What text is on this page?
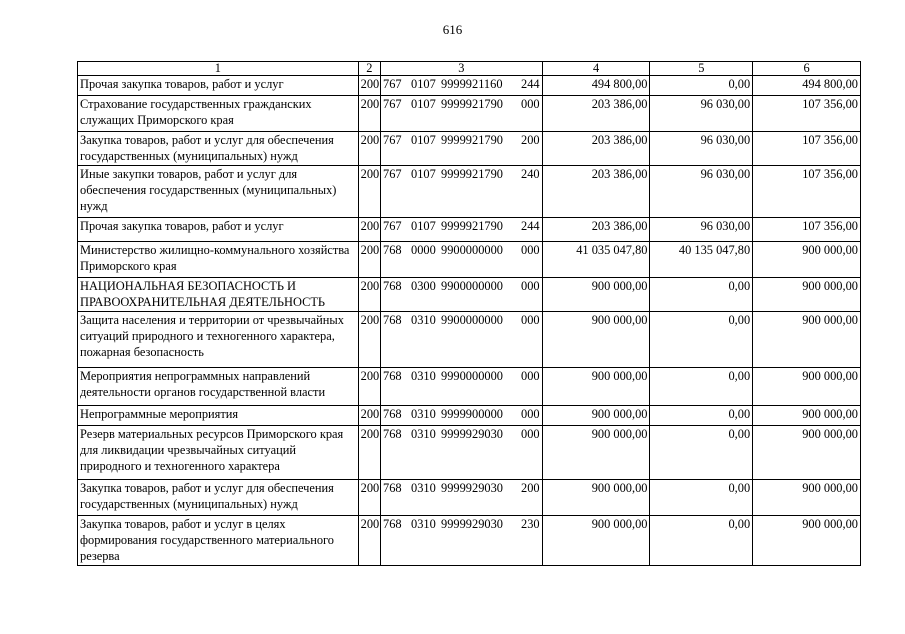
616
1	2	3	4	5	6
Прочая закупка товаров, работ и услуг	200	767 0107 9999921160 244	494 800,00	0,00	494 800,00
Страхование государственных гражданских служащих Приморского края	200	767 0107 9999921790 000	203 386,00	96 030,00	107 356,00
Закупка товаров, работ и услуг для обеспечения государственных (муниципальных) нужд	200	767 0107 9999921790 200	203 386,00	96 030,00	107 356,00
Иные закупки товаров, работ и услуг для обеспечения государственных (муниципальных) нужд	200	767 0107 9999921790 240	203 386,00	96 030,00	107 356,00
Прочая закупка товаров, работ и услуг	200	767 0107 9999921790 244	203 386,00	96 030,00	107 356,00
Министерство жилищно-коммунального хозяйства Приморского края	200	768 0000 9900000000 000	41 035 047,80	40 135 047,80	900 000,00
НАЦИОНАЛЬНАЯ БЕЗОПАСНОСТЬ И ПРАВООХРАНИТЕЛЬНАЯ ДЕЯТЕЛЬНОСТЬ	200	768 0300 9900000000 000	900 000,00	0,00	900 000,00
Защита населения и территории от чрезвычайных ситуаций природного и техногенного характера, пожарная безопасность	200	768 0310 9900000000 000	900 000,00	0,00	900 000,00
Мероприятия непрограммных направлений деятельности органов государственной власти	200	768 0310 9990000000 000	900 000,00	0,00	900 000,00
Непрограммные мероприятия	200	768 0310 9999900000 000	900 000,00	0,00	900 000,00
Резерв материальных ресурсов Приморского края для ликвидации чрезвычайных ситуаций природного и техногенного характера	200	768 0310 9999929030 000	900 000,00	0,00	900 000,00
Закупка товаров, работ и услуг для обеспечения государственных (муниципальных) нужд	200	768 0310 9999929030 200	900 000,00	0,00	900 000,00
Закупка товаров, работ и услуг в целях формирования государственного материального резерва	200	768 0310 9999929030 230	900 000,00	0,00	900 000,00
